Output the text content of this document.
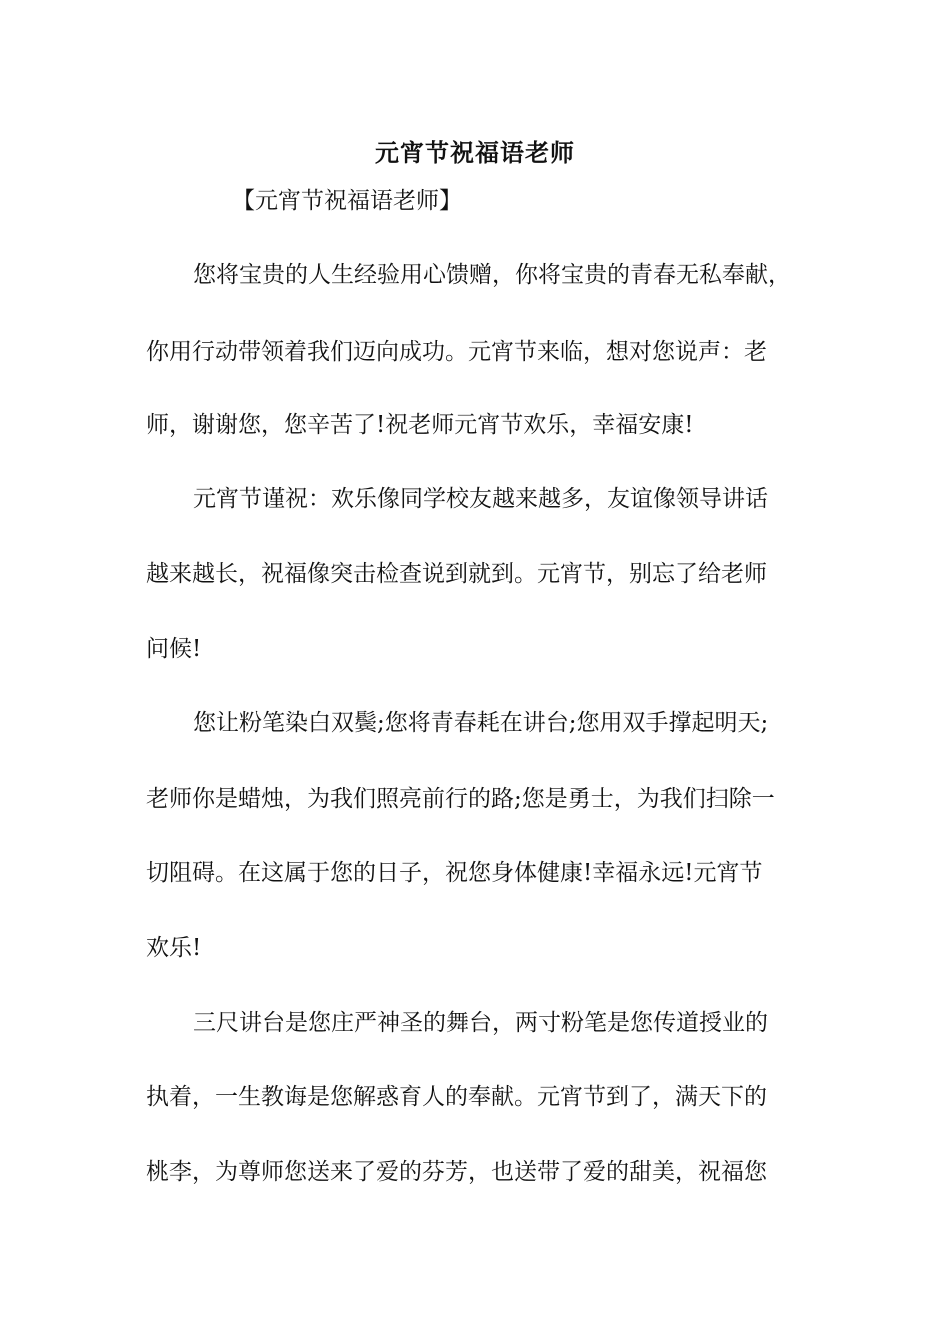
元宵节祝福语老师
【元宵节祝福语老师】
您将宝贵的人生经验用心馈赠，你将宝贵的青春无私奉献，
你用行动带领着我们迈向成功。元宵节来临，想对您说声：老
师，谢谢您，您辛苦了!祝老师元宵节欢乐，幸福安康!
元宵节谨祝：欢乐像同学校友越来越多，友谊像领导讲话
越来越长，祝福像突击检查说到就到。元宵节，别忘了给老师
问候!
您让粉笔染白双鬓;您将青春耗在讲台;您用双手撑起明天;
老师你是蜡烛，为我们照亮前行的路;您是勇士，为我们扫除一
切阻碍。在这属于您的日子，祝您身体健康!幸福永远!元宵节
欢乐!
三尺讲台是您庄严神圣的舞台，两寸粉笔是您传道授业的
执着，一生教诲是您解惑育人的奉献。元宵节到了，满天下的
桃李，为尊师您送来了爱的芬芳，也送带了爱的甜美，祝福您
